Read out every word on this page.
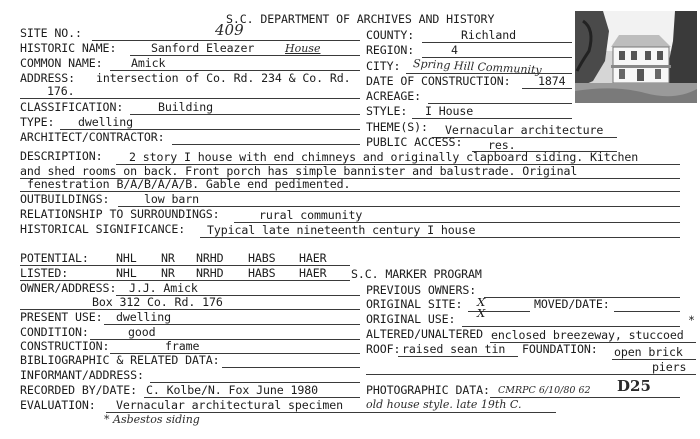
S.C. DEPARTMENT OF ARCHIVES AND HISTORY
SITE NO.:	409
HISTORIC NAME:	Sanford Eleazer	House
COMMON NAME: Amick
ADDRESS: intersection of Co. Rd. 234 & Co. Rd.
176.
CLASSIFICATION:	Building
TYPE: dwelling
ARCHITECT/CONTRACTOR:
COUNTY:	Richland
REGION:	4
CITY: Spring Hill Community
DATE OF CONSTRUCTION: 1874
ACREAGE:
STYLE: I House
THEME(S): Vernacular architecture
PUBLIC ACCESS: res.
DESCRIPTION: 2 story I house with end chimneys and originally clapboard siding. Kitchen
and shed rooms on back. Front porch has simple bannister and balustrade. Original
fenestration B/A/B/A/A/B. Gable end pedimented.
OUTBUILDINGS:	low barn
RELATIONSHIP TO SURROUNDINGS:	rural community
HISTORICAL SIGNIFICANCE: Typical late nineteenth century I house
POTENTIAL: NHL NR NRHD HABS HAER
LISTED:	NHL NR NRHD HABS HAER S.C. MARKER PROGRAM
OWNER/ADDRESS: J.J. Amick
Box 312 Co. Rd. 176
PREVIOUS OWNERS:
ORIGINAL SITE: X	MOVED/DATE:
ORIGINAL USE: X
PRESENT USE: dwelling
CONDITION:	good
CONSTRUCTION:	frame
BIBLIOGRAPHIC & RELATED DATA:
INFORMANT/ADDRESS:
RECORDED BY/DATE: C. Kolbe/N. Fox June 1980
EVALUATION: Vernacular architectural specimen old house style. late 19th C.
* Asbestos siding
*
ALTERED/UNALTERED enclosed breezeway, stuccoed
ROOF: raised sean tin FOUNDATION: open brick
piers
PHOTOGRAPHIC DATA: CMRPC 6/10/80 62 D25
